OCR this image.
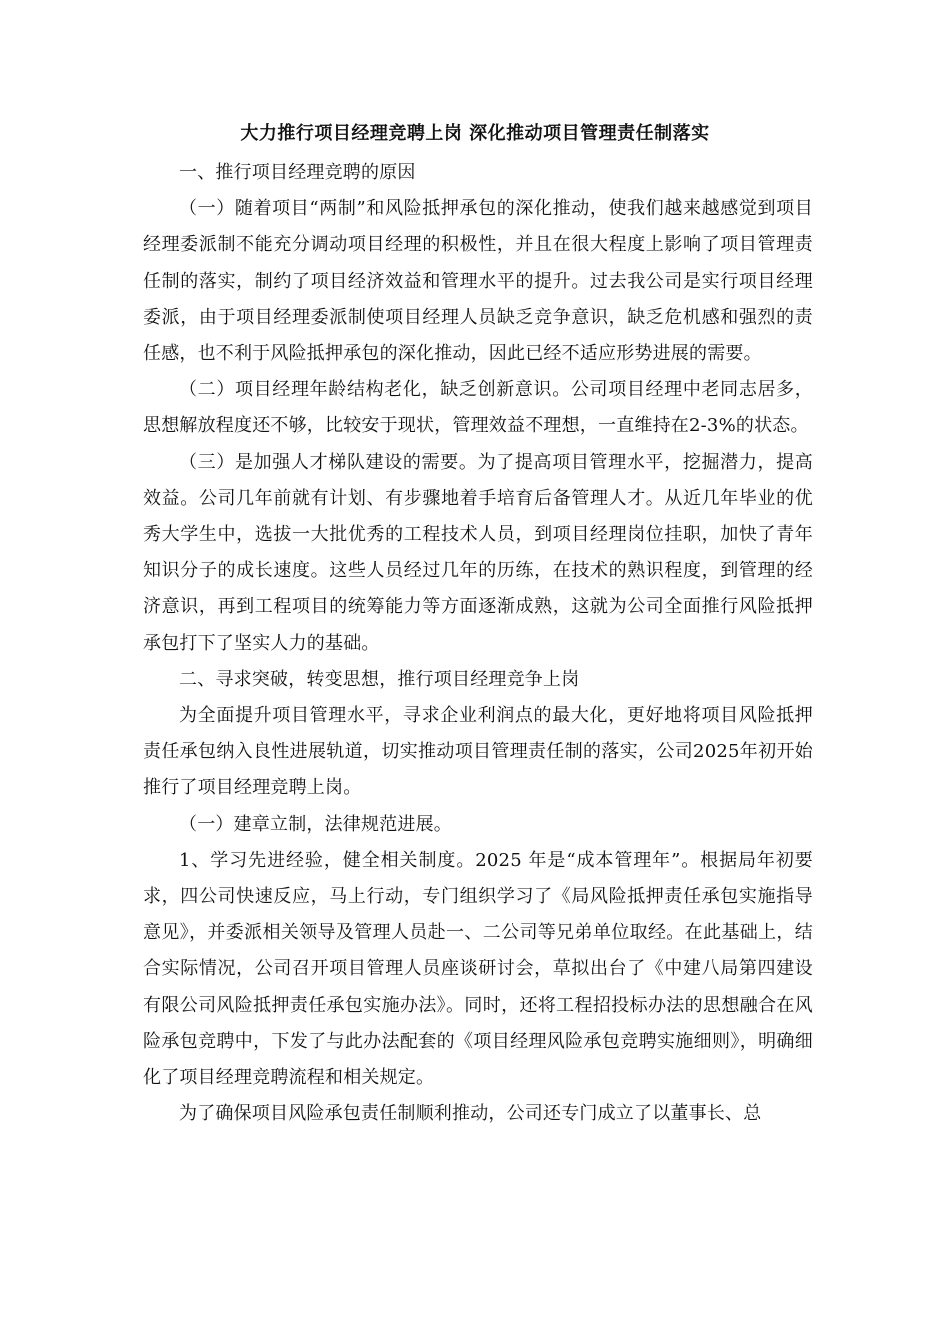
大力推行项目经理竞聘上岗 深化推动项目管理责任制落实

一、推行项目经理竞聘的原因

（一）随着项目“两制”和风险抵押承包的深化推动，使我们越来越感觉到项目经理委派制不能充分调动项目经理的积极性，并且在很大程度上影响了项目管理责任制的落实，制约了项目经济效益和管理水平的提升。过去我公司是实行项目经理委派，由于项目经理委派制使项目经理人员缺乏竞争意识，缺乏危机感和强烈的责任感，也不利于风险抵押承包的深化推动，因此已经不适应形势进展的需要。

（二）项目经理年龄结构老化，缺乏创新意识。公司项目经理中老同志居多，思想解放程度还不够，比较安于现状，管理效益不理想，一直维持在2-3%的状态。

（三）是加强人才梯队建设的需要。为了提高项目管理水平，挖掘潜力，提高效益。公司几年前就有计划、有步骤地着手培育后备管理人才。从近几年毕业的优秀大学生中，选拔一大批优秀的工程技术人员，到项目经理岗位挂职，加快了青年知识分子的成长速度。这些人员经过几年的历练，在技术的熟识程度，到管理的经济意识，再到工程项目的统筹能力等方面逐渐成熟，这就为公司全面推行风险抵押承包打下了坚实人力的基础。

二、寻求突破，转变思想，推行项目经理竞争上岗

为全面提升项目管理水平，寻求企业利润点的最大化，更好地将项目风险抵押责任承包纳入良性进展轨道，切实推动项目管理责任制的落实，公司2025年初开始推行了项目经理竞聘上岗。

（一）建章立制，法律规范进展。

1、学习先进经验，健全相关制度。2025 年是“成本管理年”。根据局年初要求，四公司快速反应，马上行动，专门组织学习了《局风险抵押责任承包实施指导意见》，并委派相关领导及管理人员赴一、二公司等兄弟单位取经。在此基础上，结合实际情况，公司召开项目管理人员座谈研讨会，草拟出台了《中建八局第四建设有限公司风险抵押责任承包实施办法》。同时，还将工程招投标办法的思想融合在风险承包竞聘中，下发了与此办法配套的《项目经理风险承包竞聘实施细则》，明确细化了项目经理竞聘流程和相关规定。

为了确保项目风险承包责任制顺利推动，公司还专门成立了以董事长、总
